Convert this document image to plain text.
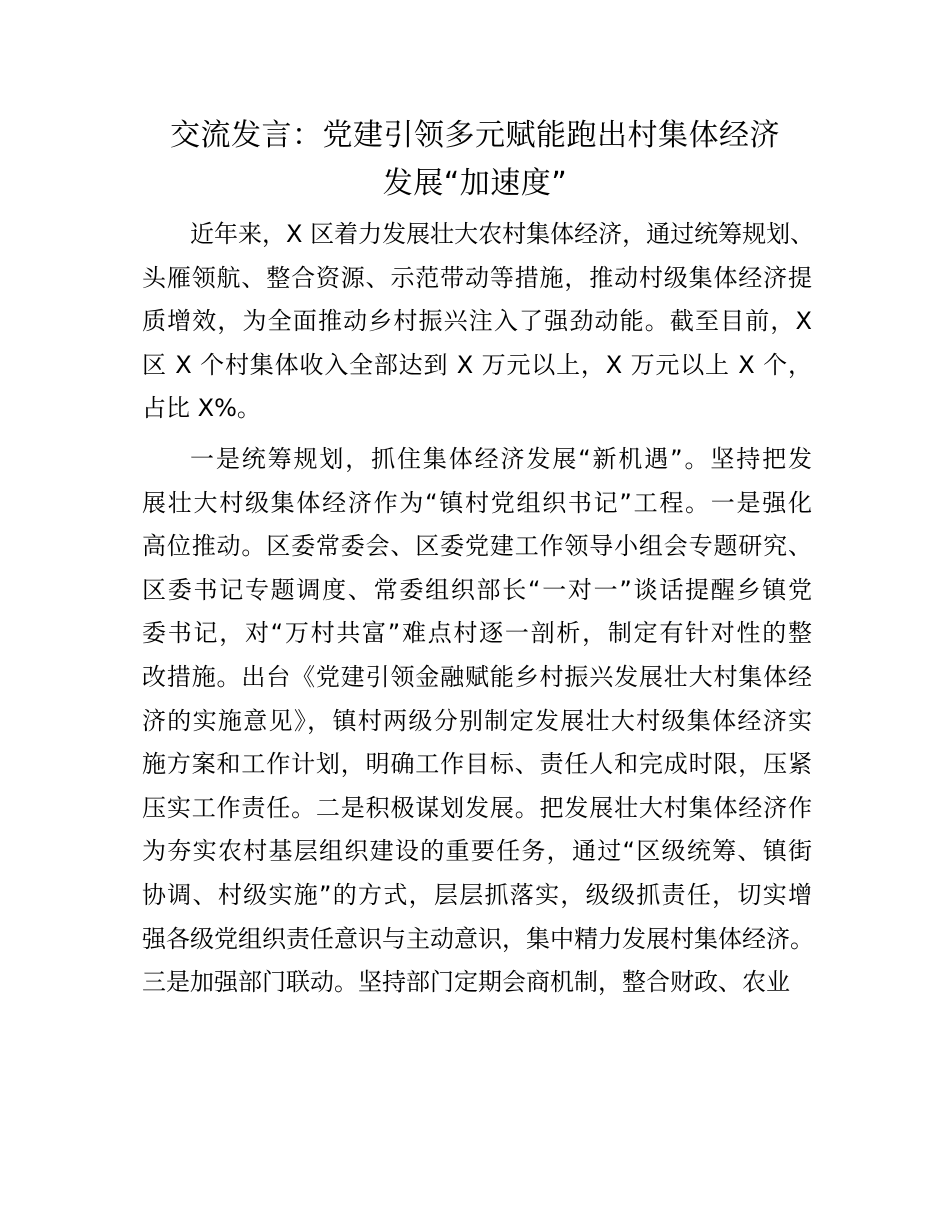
交流发言：党建引领多元赋能跑出村集体经济
发展“加速度”
近年来，X 区着力发展壮大农村集体经济，通过统筹规划、
头雁领航、整合资源、示范带动等措施，推动村级集体经济提
质增效，为全面推动乡村振兴注入了强劲动能。截至目前，X
区 X 个村集体收入全部达到 X 万元以上，X 万元以上 X 个，
占比 X%。
一是统筹规划，抓住集体经济发展“新机遇”。坚持把发
展壮大村级集体经济作为“镇村党组织书记”工程。一是强化
高位推动。区委常委会、区委党建工作领导小组会专题研究、
区委书记专题调度、常委组织部长“一对一”谈话提醒乡镇党
委书记，对“万村共富”难点村逐一剖析，制定有针对性的整
改措施。出台《党建引领金融赋能乡村振兴发展壮大村集体经
济的实施意见》，镇村两级分别制定发展壮大村级集体经济实
施方案和工作计划，明确工作目标、责任人和完成时限，压紧
压实工作责任。二是积极谋划发展。把发展壮大村集体经济作
为夯实农村基层组织建设的重要任务，通过“区级统筹、镇街
协调、村级实施”的方式，层层抓落实，级级抓责任，切实增
强各级党组织责任意识与主动意识，集中精力发展村集体经济。
三是加强部门联动。坚持部门定期会商机制，整合财政、农业
